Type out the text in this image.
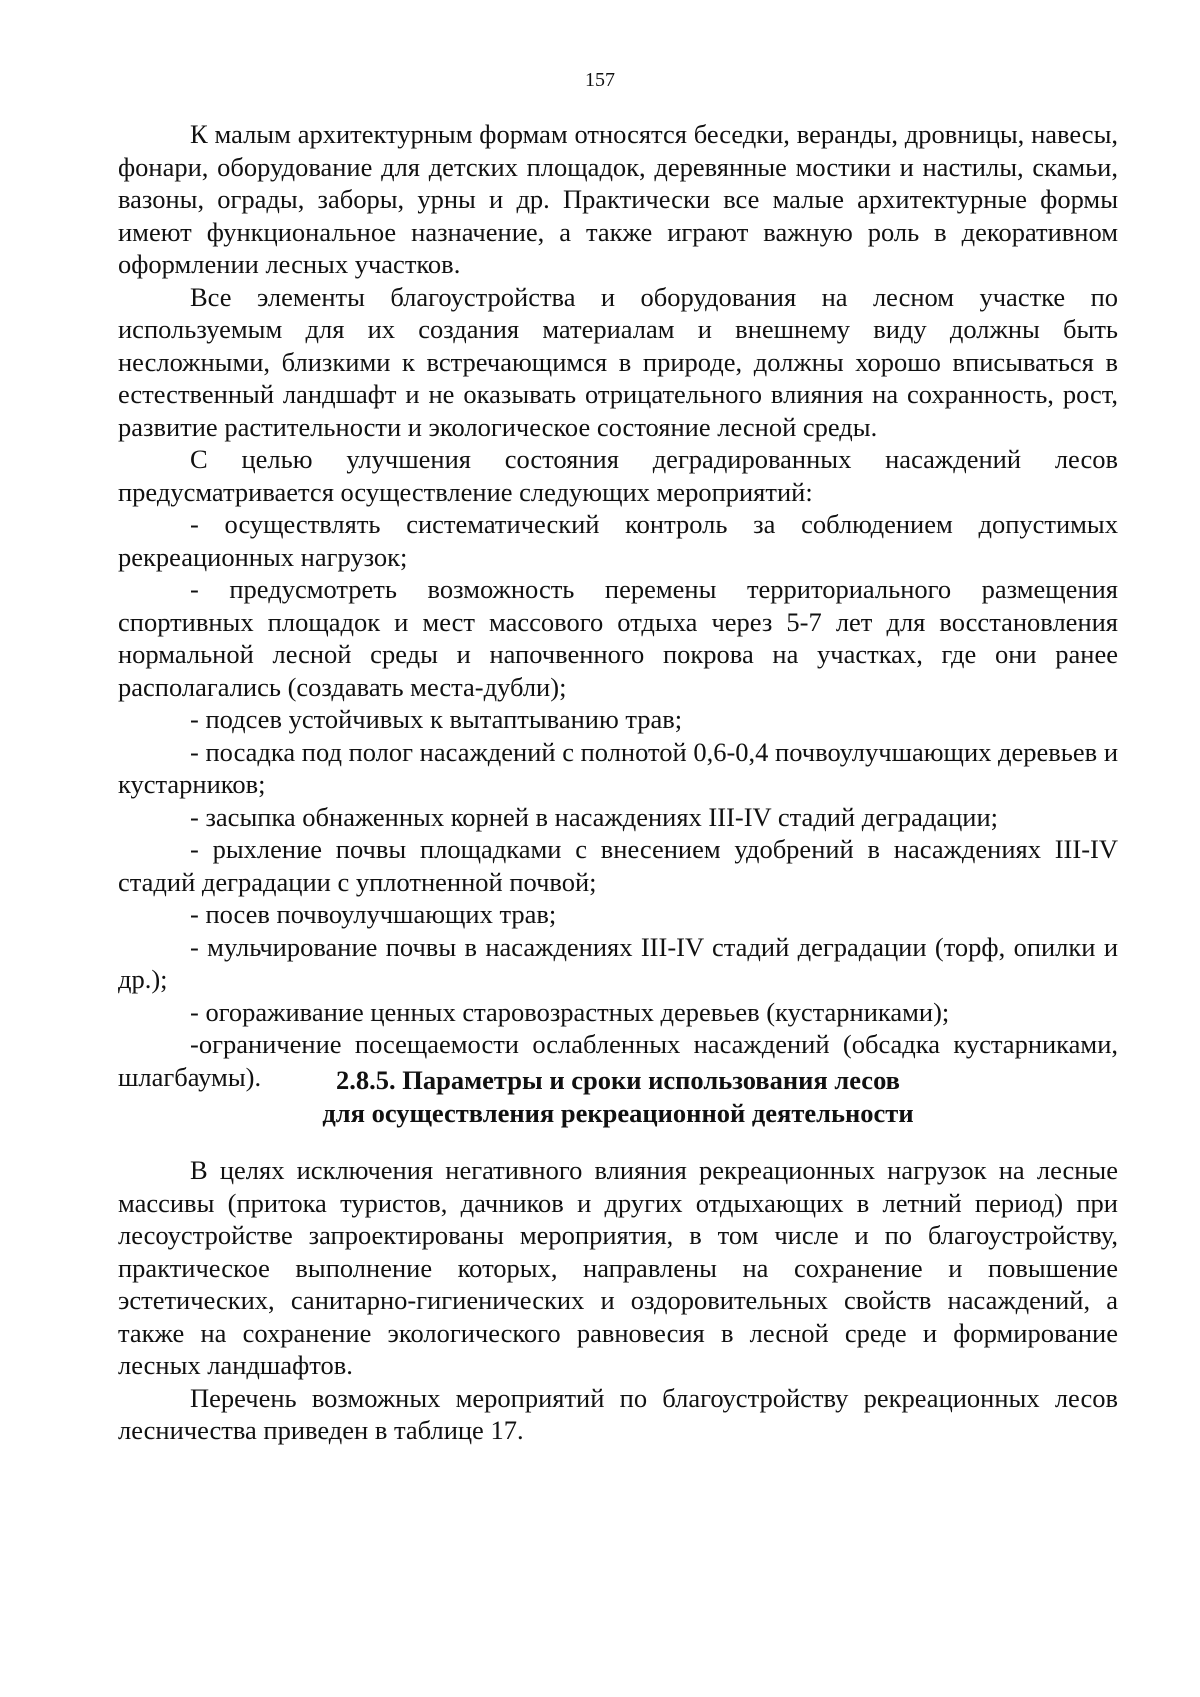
157

К малым архитектурным формам относятся беседки, веранды, дровницы, навесы, фонари, оборудование для детских площадок, деревянные мостики и настилы, скамьи, вазоны, ограды, заборы, урны и др. Практически все малые архитектурные формы имеют функциональное назначение, а также играют важную роль в декоративном оформлении лесных участков.

Все элементы благоустройства и оборудования на лесном участке по используемым для их создания материалам и внешнему виду должны быть несложными, близкими к встречающимся в природе, должны хорошо вписываться в естественный ландшафт и не оказывать отрицательного влияния на сохранность, рост, развитие растительности и экологическое состояние лесной среды.

С целью улучшения состояния деградированных насаждений лесов предусматривается осуществление следующих мероприятий:

- осуществлять систематический контроль за соблюдением допустимых рекреационных нагрузок;

- предусмотреть возможность перемены территориального размещения спортивных площадок и мест массового отдыха через 5-7 лет для восстановления нормальной лесной среды и напочвенного покрова на участках, где они ранее располагались (создавать места-дубли);

- подсев устойчивых к вытаптыванию трав;

- посадка под полог насаждений с полнотой 0,6-0,4 почвоулучшающих деревьев и кустарников;

- засыпка обнаженных корней в насаждениях III-IV стадий деградации;

- рыхление почвы площадками с внесением удобрений в насаждениях III-IV стадий деградации с уплотненной почвой;

- посев почвоулучшающих трав;

- мульчирование почвы в насаждениях III-IV стадий деградации (торф, опилки и др.);

- огораживание ценных старовозрастных деревьев (кустарниками);

-ограничение посещаемости ослабленных насаждений (обсадка кустарниками, шлагбаумы).	2.8.5. Параметры и сроки использования лесов
для осуществления рекреационной деятельности

В целях исключения негативного влияния рекреационных нагрузок на лесные массивы (притока туристов, дачников и других отдыхающих в летний период) при лесоустройстве запроектированы мероприятия, в том числе и по благоустройству, практическое выполнение которых, направлены на сохранение и повышение эстетических, санитарно-гигиенических и оздоровительных свойств насаждений, а также на сохранение экологического равновесия в лесной среде и формирование лесных ландшафтов.

Перечень возможных мероприятий по благоустройству рекреационных лесов лесничества приведен в таблице 17.
